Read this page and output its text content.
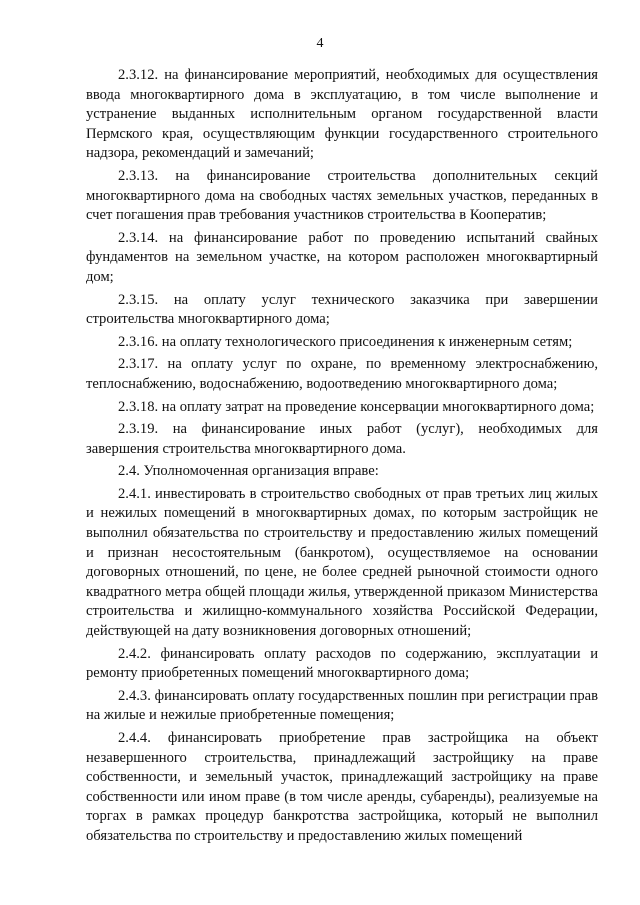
4

2.3.12. на финансирование мероприятий, необходимых для осуществления ввода многоквартирного дома в эксплуатацию, в том числе выполнение и устранение выданных исполнительным органом государственной власти Пермского края, осуществляющим функции государственного строительного надзора, рекомендаций и замечаний;

2.3.13. на финансирование строительства дополнительных секций многоквартирного дома на свободных частях земельных участков, переданных в счет погашения прав требования участников строительства в Кооператив;

2.3.14. на финансирование работ по проведению испытаний свайных фундаментов на земельном участке, на котором расположен многоквартирный дом;

2.3.15. на оплату услуг технического заказчика при завершении строительства многоквартирного дома;

2.3.16. на оплату технологического присоединения к инженерным сетям;

2.3.17. на оплату услуг по охране, по временному электроснабжению, теплоснабжению, водоснабжению, водоотведению многоквартирного дома;

2.3.18. на оплату затрат на проведение консервации многоквартирного дома;

2.3.19. на финансирование иных работ (услуг), необходимых для завершения строительства многоквартирного дома.

2.4. Уполномоченная организация вправе:

2.4.1. инвестировать в строительство свободных от прав третьих лиц жилых и нежилых помещений в многоквартирных домах, по которым застройщик не выполнил обязательства по строительству и предоставлению жилых помещений и признан несостоятельным (банкротом), осуществляемое на основании договорных отношений, по цене, не более средней рыночной стоимости одного квадратного метра общей площади жилья, утвержденной приказом Министерства строительства и жилищно-коммунального хозяйства Российской Федерации, действующей на дату возникновения договорных отношений;

2.4.2. финансировать оплату расходов по содержанию, эксплуатации и ремонту приобретенных помещений многоквартирного дома;

2.4.3. финансировать оплату государственных пошлин при регистрации прав на жилые и нежилые приобретенные помещения;

2.4.4. финансировать приобретение прав застройщика на объект незавершенного строительства, принадлежащий застройщику на праве собственности, и земельный участок, принадлежащий застройщику на праве собственности или ином праве (в том числе аренды, субаренды), реализуемые на торгах в рамках процедур банкротства застройщика, который не выполнил обязательства по строительству и предоставлению жилых помещений
